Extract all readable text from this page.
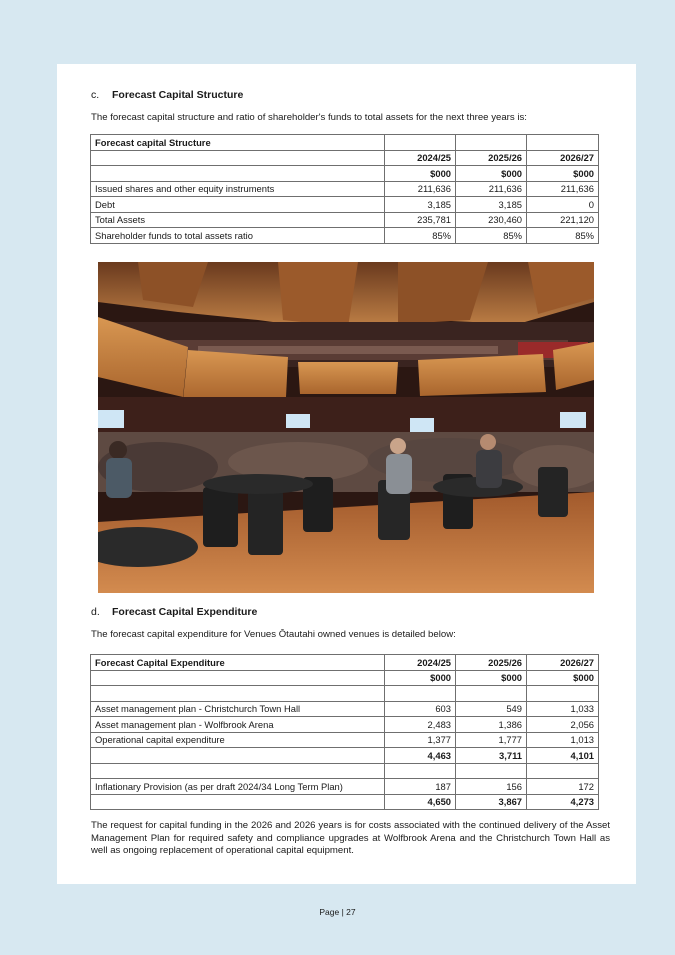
c. Forecast Capital Structure
The forecast capital structure and ratio of shareholder's funds to total assets for the next three years is:
Forecast capital Structure			
	2024/25	2025/26	2026/27
	$000	$000	$000
Issued shares and other equity instruments	211,636	211,636	211,636
Debt	3,185	3,185	0
Total Assets	235,781	230,460	221,120
Shareholder funds to total assets ratio	85%	85%	85%
d. Forecast Capital Expenditure
The forecast capital expenditure for Venues Ōtautahi owned venues is detailed below:
Forecast Capital Expenditure	2024/25	2025/26	2026/27
	$000	$000	$000

Asset management plan - Christchurch Town Hall	603	549	1,033
Asset management plan - Wolfbrook Arena	2,483	1,386	2,056
Operational capital expenditure	1,377	1,777	1,013
	4,463	3,711	4,101

Inflationary Provision (as per draft 2024/34 Long Term Plan)	187	156	172
	4,650	3,867	4,273
The request for capital funding in the 2026 and 2026 years is for costs associated with the continued delivery of the Asset Management Plan for required safety and compliance upgrades at Wolfbrook Arena and the Christchurch Town Hall as well as ongoing replacement of operational capital equipment.
Page | 27
